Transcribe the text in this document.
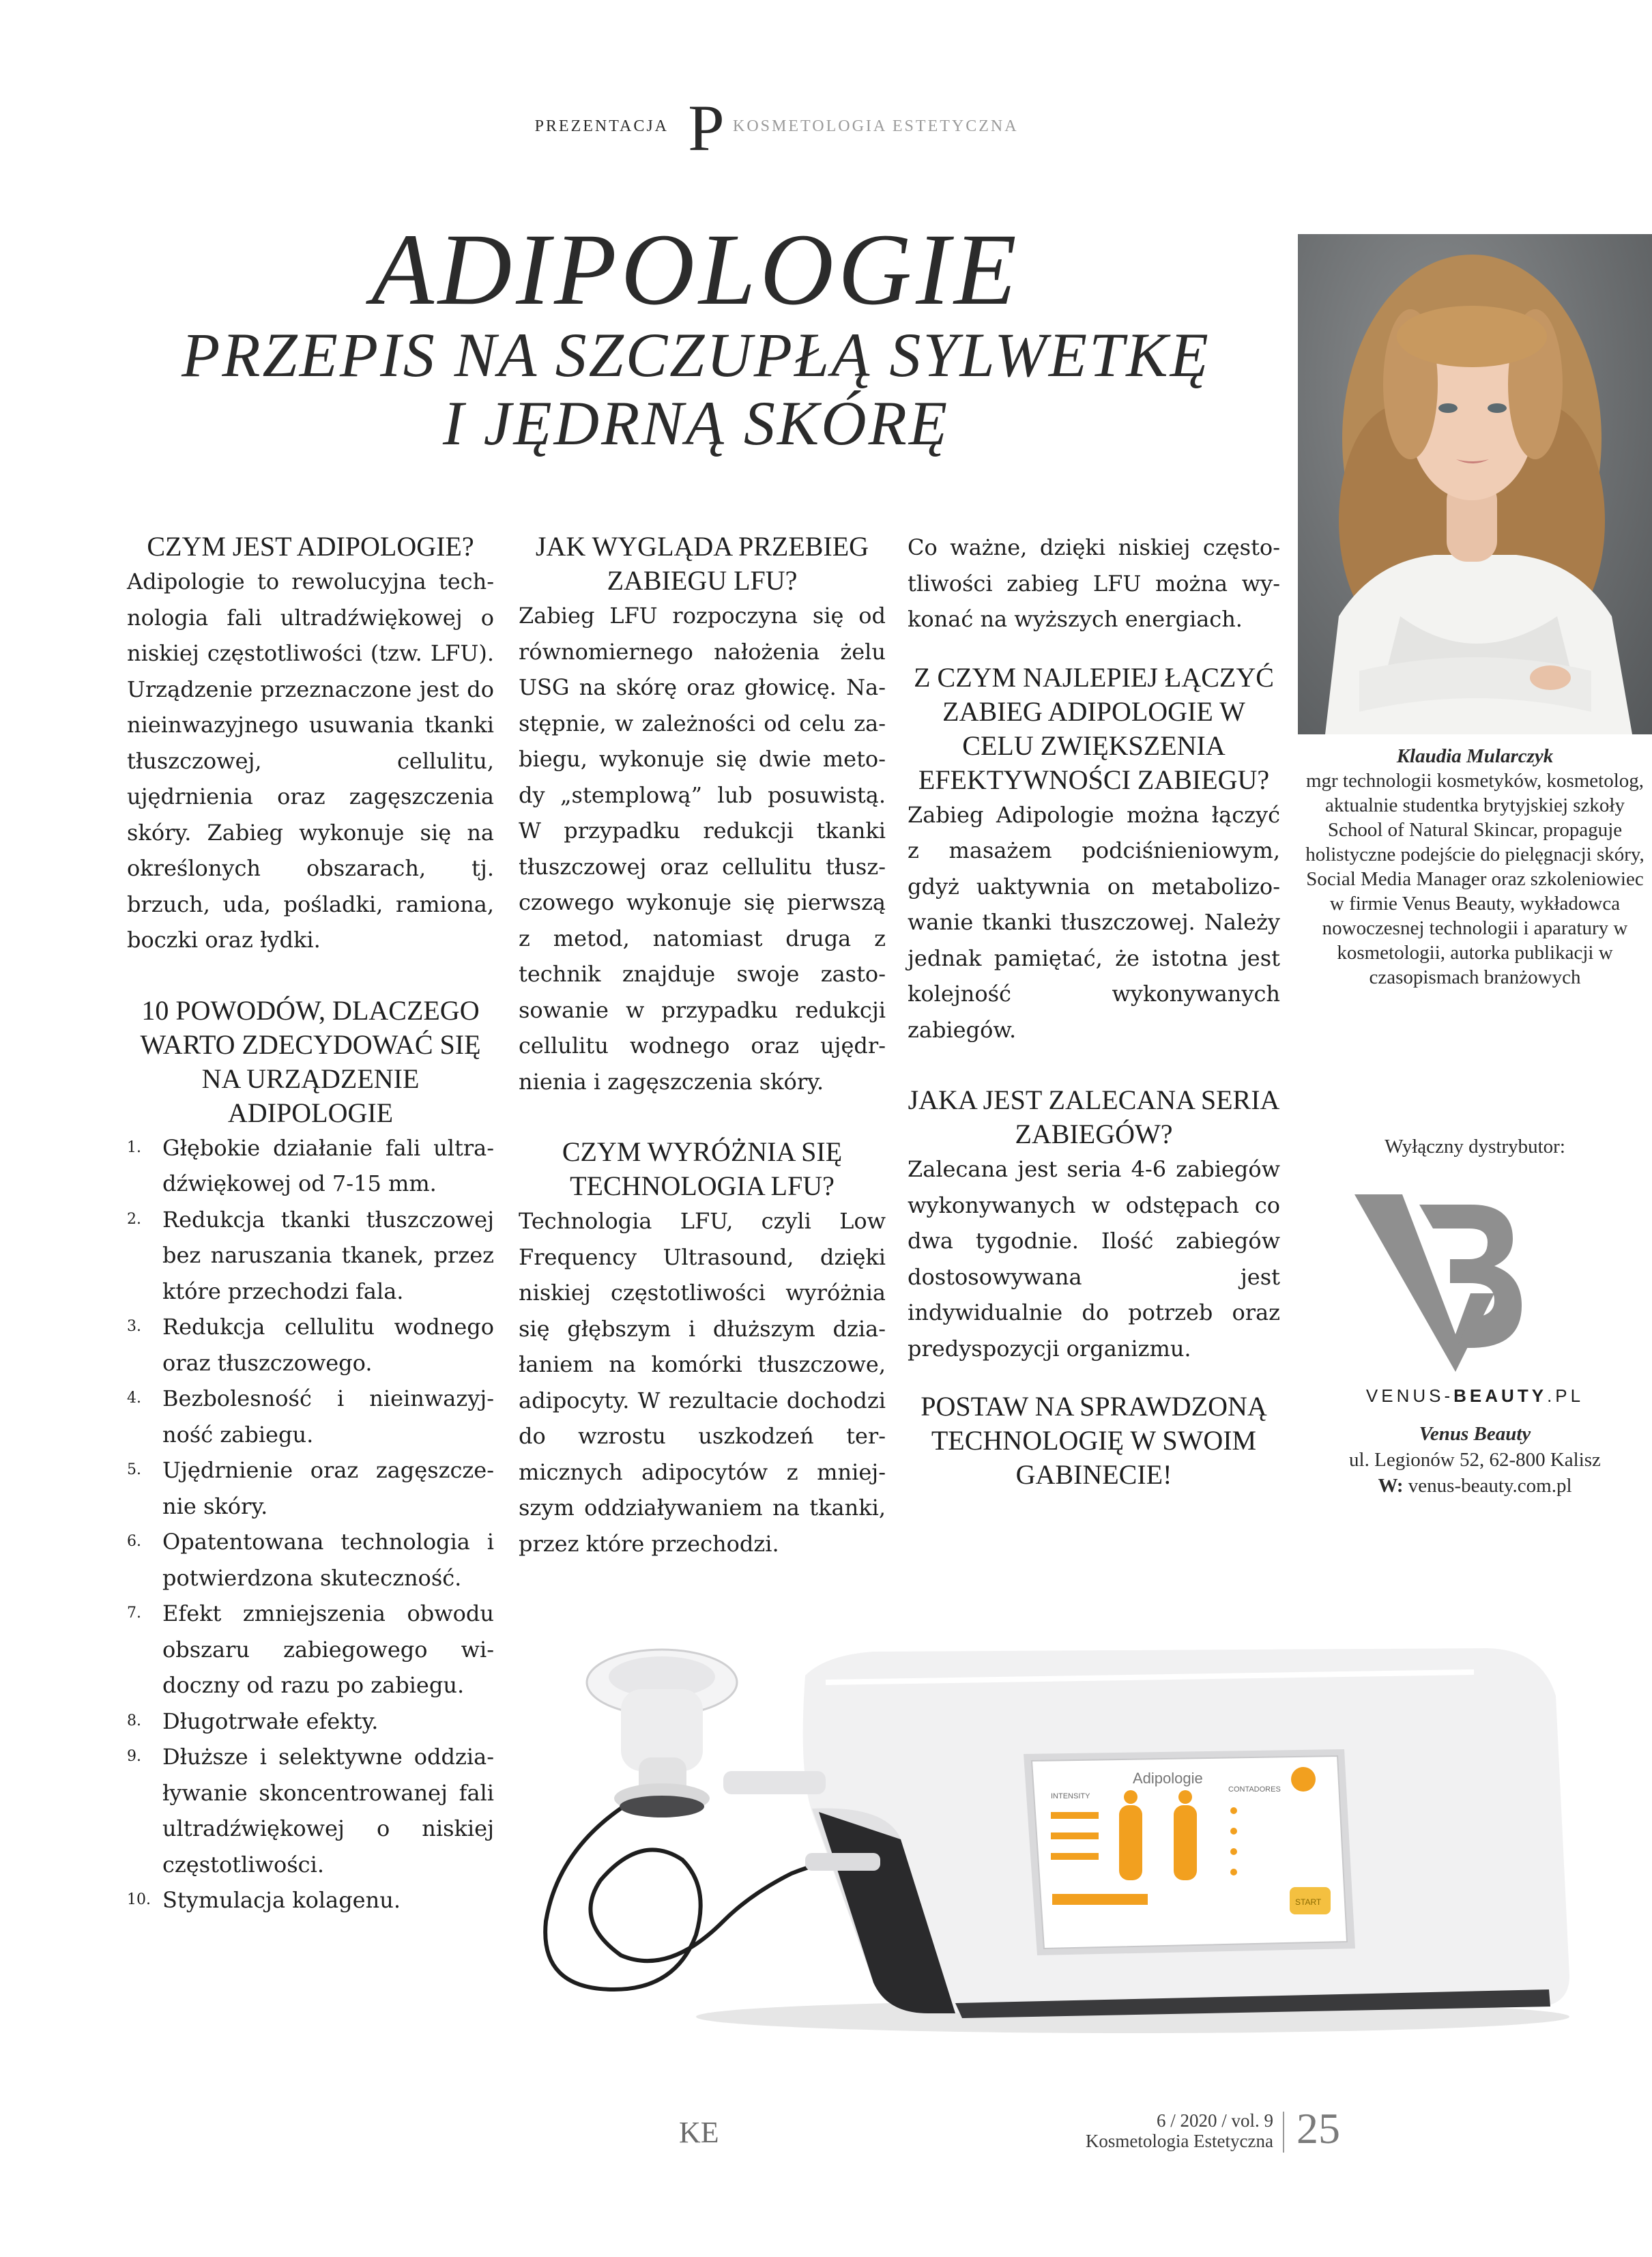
PREZENTACJA P KOSMETOLOGIA ESTETYCZNA
ADIPOLOGIE
PRZEPIS NA SZCZUPŁĄ SYLWETKĘ
I JĘDRNĄ SKÓRĘ
Klaudia Mularczyk
mgr technologii kosmetyków, kosmetolog, aktualnie studentka brytyjskiej szkoły School of Natural Skincar, propaguje holistyczne podejście do pielęgnacji skóry, Social Media Manager oraz szkoleniowiec w firmie Venus Beauty, wykładowca nowoczesnej technologii i aparatury w kosmetologii, autorka publikacji w czasopismach branżowych
Wyłączny dystrybutor:
VENUS-BEAUTY.PL
Venus Beauty
ul. Legionów 52, 62-800 Kalisz
W: venus-beauty.com.pl
CZYM JEST ADIPOLOGIE?

Adipologie to rewolucyjna technologia fali ultradźwiękowej o niskiej częstotliwości (tzw. LFU). Urządzenie przeznaczone jest do nieinwazyjnego usuwania tkanki tłuszczowej, cellulitu, ujędrnienia oraz zagęszczenia skóry. Zabieg wykonuje się na określonych obszarach, tj. brzuch, uda, pośladki, ramiona, boczki oraz łydki.

10 POWODÓW, DLACZEGO WARTO ZDECYDOWAĆ SIĘ NA URZĄDZENIE ADIPOLOGIE
1. Głębokie działanie fali ultradźwiękowej od 7-15 mm.
2. Redukcja tkanki tłuszczowej bez naruszania tkanek, przez które przechodzi fala.
3. Redukcja cellulitu wodnego oraz tłuszczowego.
4. Bezbolesność i nieinwazyjność zabiegu.
5. Ujędrnienie oraz zagęszczenie skóry.
6. Opatentowana technologia i potwierdzona skuteczność.
7. Efekt zmniejszenia obwodu obszaru zabiegowego widoczny od razu po zabiegu.
8. Długotrwałe efekty.
9. Dłuższe i selektywne oddziaływanie skoncentrowanej fali ultradźwiękowej o niskiej częstotliwości.
10. Stymulacja kolagenu.
JAK WYGLĄDA PRZEBIEG ZABIEGU LFU?

Zabieg LFU rozpoczyna się od równomiernego nałożenia żelu USG na skórę oraz głowicę. Następnie, w zależności od celu zabiegu, wykonuje się dwie metody „stemplową” lub posuwistą. W przypadku redukcji tkanki tłuszczowej oraz cellulitu tłuszczowego wykonuje się pierwszą z metod, natomiast druga z technik znajduje swoje zastosowanie w przypadku redukcji cellulitu wodnego oraz ujędrnienia i zagęszczenia skóry.

CZYM WYRÓŻNIA SIĘ TECHNOLOGIA LFU?

Technologia LFU, czyli Low Frequency Ultrasound, dzięki niskiej częstotliwości wyróżnia się głębszym i dłuższym działaniem na komórki tłuszczowe, adipocyty. W rezultacie dochodzi do wzrostu uszkodzeń termicznych adipocytów z mniejszym oddziaływaniem na tkanki, przez które przechodzi.

Co ważne, dzięki niskiej częstotliwości zabieg LFU można wykonać na wyższych energiach.

Z CZYM NAJLEPIEJ ŁĄCZYĆ ZABIEG ADIPOLOGIE W CELU ZWIĘKSZENIA EFEKTYWNOŚCI ZABIEGU?

Zabieg Adipologie można łączyć z masażem podciśnieniowym, gdyż uaktywnia on metabolizowanie tkanki tłuszczowej. Należy jednak pamiętać, że istotna jest kolejność wykonywanych zabiegów.

JAKA JEST ZALECANA SERIA ZABIEGÓW?

Zalecana jest seria 4-6 zabiegów wykonywanych w odstępach co dwa tygodnie. Ilość zabiegów dostosowywana jest indywidualnie do potrzeb oraz predyspozycji organizmu.

POSTAW NA SPRAWDZONĄ TECHNOLOGIĘ W SWOIM GABINECIE!
Adipologie
INTENSITY
CONTADORES
START
KE	6 / 2020 / vol. 9
Kosmetologia Estetyczna 25
